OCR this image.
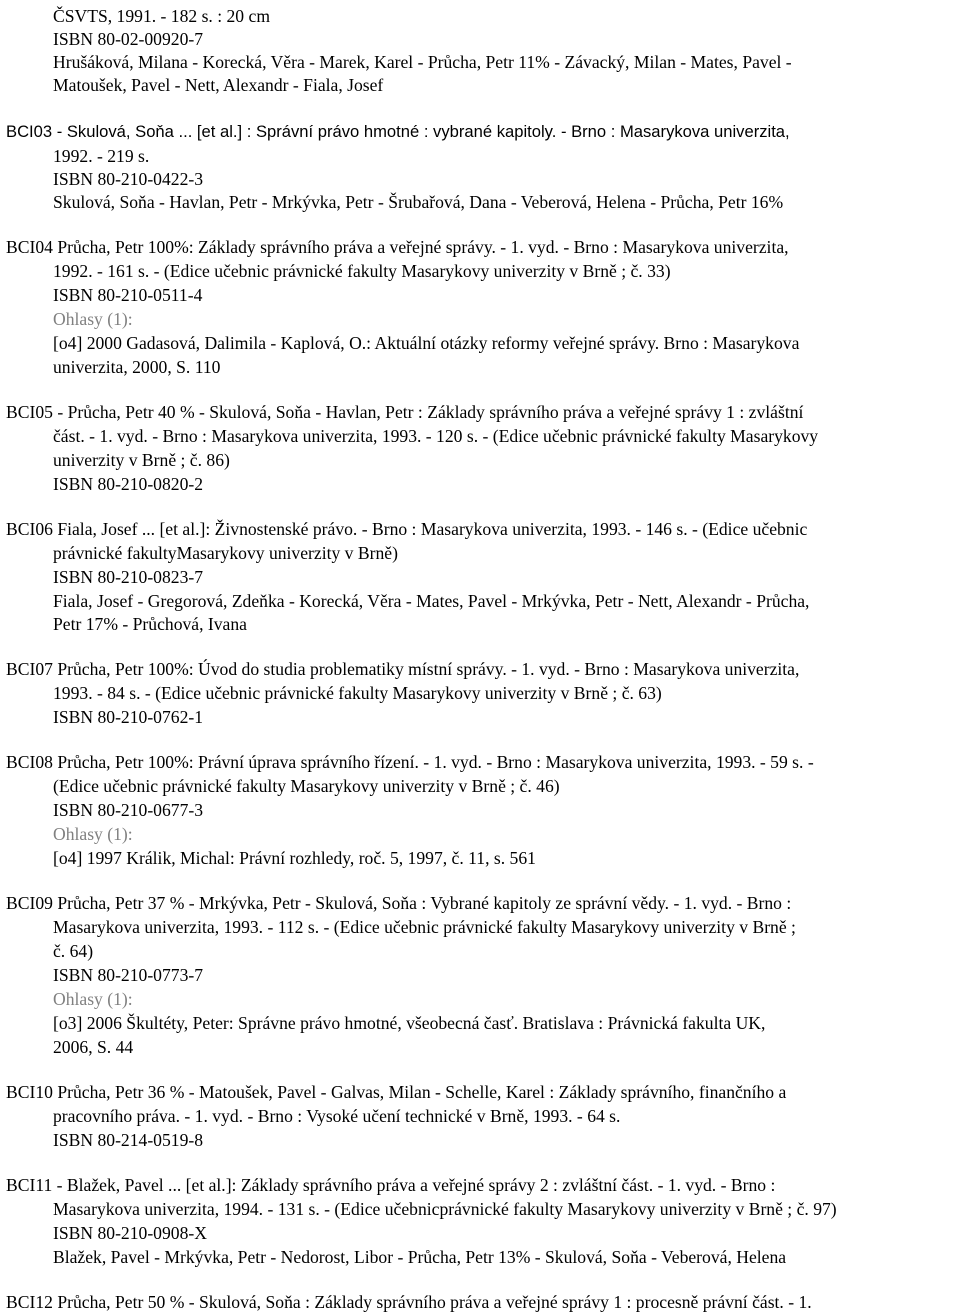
ČSVTS, 1991. - 182 s. : 20 cm
ISBN 80-02-00920-7
Hrušáková, Milana - Korecká, Věra - Marek, Karel - Průcha, Petr 11% - Závacký, Milan - Mates, Pavel -
Matoušek, Pavel - Nett, Alexandr - Fiala, Josef
BCI03 - Skulová, Soňa ... [et al.] : Správní právo hmotné : vybrané kapitoly. - Brno : Masarykova univerzita,
1992. - 219 s.
ISBN 80-210-0422-3
Skulová, Soňa - Havlan, Petr - Mrkývka, Petr - Šrubařová, Dana - Veberová, Helena - Průcha, Petr 16%
BCI04 Průcha, Petr 100%: Základy správního práva a veřejné správy. - 1. vyd. - Brno : Masarykova univerzita,
1992. - 161 s. - (Edice učebnic právnické fakulty Masarykovy univerzity v Brně ; č. 33)
ISBN 80-210-0511-4
Ohlasy (1):
[o4] 2000 Gadasová, Dalimila - Kaplová, O.: Aktuální otázky reformy veřejné správy. Brno : Masarykova
univerzita, 2000, S. 110
BCI05 - Průcha, Petr 40 % - Skulová, Soňa - Havlan, Petr : Základy správního práva a veřejné správy 1 : zvláštní
část. - 1. vyd. - Brno : Masarykova univerzita, 1993. - 120 s. - (Edice učebnic právnické fakulty Masarykovy
univerzity v Brně ; č. 86)
ISBN 80-210-0820-2
BCI06 Fiala, Josef ... [et al.]: Živnostenské právo. - Brno : Masarykova univerzita, 1993. - 146 s. - (Edice učebnic
právnické fakultyMasarykovy univerzity v Brně)
ISBN 80-210-0823-7
Fiala, Josef - Gregorová, Zdeňka - Korecká, Věra - Mates, Pavel - Mrkývka, Petr - Nett, Alexandr - Průcha,
Petr 17% - Průchová, Ivana
BCI07 Průcha, Petr 100%: Úvod do studia problematiky místní správy. - 1. vyd. - Brno : Masarykova univerzita,
1993. - 84 s. - (Edice učebnic právnické fakulty Masarykovy univerzity v Brně ; č. 63)
ISBN 80-210-0762-1
BCI08 Průcha, Petr 100%: Právní úprava správního řízení. - 1. vyd. - Brno : Masarykova univerzita, 1993. - 59 s. -
(Edice učebnic právnické fakulty Masarykovy univerzity v Brně ; č. 46)
ISBN 80-210-0677-3
Ohlasy (1):
[o4] 1997 Králik, Michal: Právní rozhledy, roč. 5, 1997, č. 11, s. 561
BCI09 Průcha, Petr 37 % - Mrkývka, Petr - Skulová, Soňa : Vybrané kapitoly ze správní vědy. - 1. vyd. - Brno :
Masarykova univerzita, 1993. - 112 s. - (Edice učebnic právnické fakulty Masarykovy univerzity v Brně ;
č. 64)
ISBN 80-210-0773-7
Ohlasy (1):
[o3] 2006 Škultéty, Peter: Správne právo hmotné, všeobecná časť. Bratislava : Právnická fakulta UK,
2006, S. 44
BCI10 Průcha, Petr 36 % - Matoušek, Pavel - Galvas, Milan - Schelle, Karel : Základy správního, finančního a
pracovního práva. - 1. vyd. - Brno : Vysoké učení technické v Brně, 1993. - 64 s.
ISBN 80-214-0519-8
BCI11 - Blažek, Pavel ... [et al.]: Základy správního práva a veřejné správy 2 : zvláštní část. - 1. vyd. - Brno :
Masarykova univerzita, 1994. - 131 s. - (Edice učebnicprávnické fakulty Masarykovy univerzity v Brně ; č. 97)
ISBN 80-210-0908-X
Blažek, Pavel - Mrkývka, Petr - Nedorost, Libor - Průcha, Petr 13% - Skulová, Soňa - Veberová, Helena
BCI12 Průcha, Petr 50 % - Skulová, Soňa : Základy správního práva a veřejné správy 1 : procesně právní část. - 1.
